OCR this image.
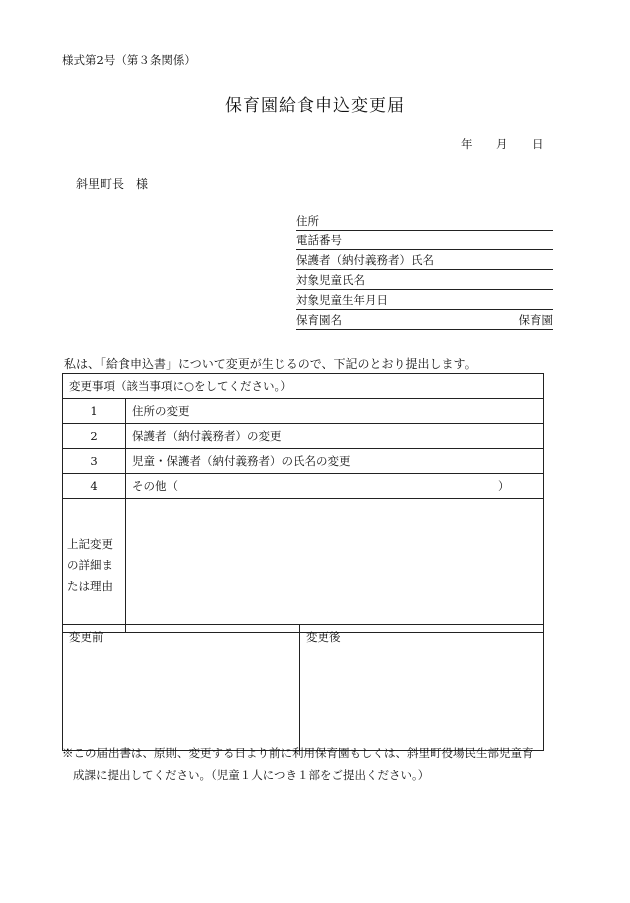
様式第2号（第３条関係）
保育園給食申込変更届
年 月 日
斜里町長　様
住所
電話番号
保護者（納付義務者）氏名
対象児童氏名
対象児童生年月日
保育園名	保育園
私は、「給食申込書」について変更が生じるので、下記のとおり提出します。
変更事項（該当事項に○をしてください。）	
1	住所の変更
2	保護者（納付義務者）の変更
3	児童・保護者（納付義務者）の氏名の変更
4	その他（ ）

上記変更
の詳細ま
たは理由	

変更前	変更後
※この届出書は、原則、変更する日より前に利用保育園もしくは、斜里町役場民生部児童育
成課に提出してください。（児童１人につき１部をご提出ください。）
